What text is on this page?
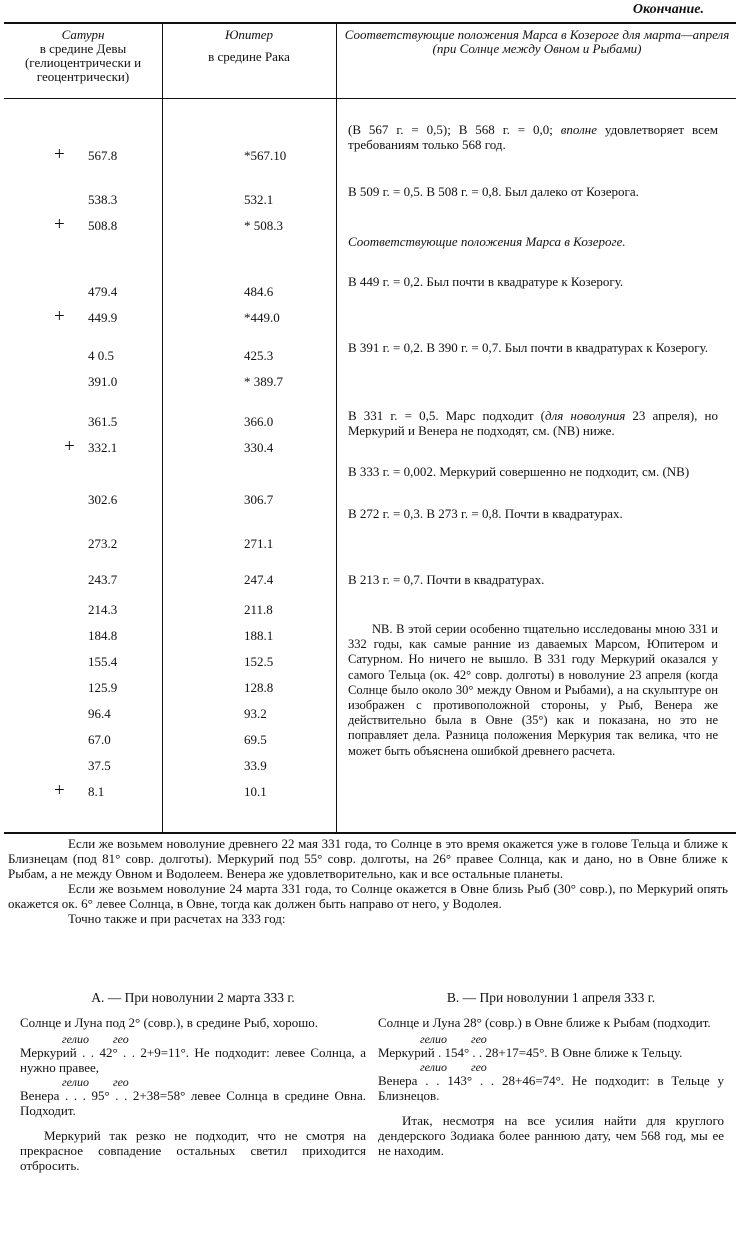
Окончание.
Сатурн
в средине Девы (гелиоцентрически и геоцентрически)
Юпитер
в средине Рака
Соответствующие положения Марса в Козероге для марта—апреля (при Солнце между Овном и Рыбами)
+ 567.8	*567.10
538.3	532.1
+ 508.8	* 508.3
479.4	484.6
+ 449.9	*449.0
4 0.5	425.3
391.0	* 389.7
361.5	366.0
+ 332.1	330.4
302.6	306.7
273.2	271.1
243.7	247.4
214.3	211.8
184.8	188.1
155.4	152.5
125.9	128.8
96.4	93.2
67.0	69.5
37.5	33.9
+ 8.1	10.1
(В 567 г. = 0,5); В 568 г. = 0,0; вполне удовлетворяет всем требованиям только 568 год.
В 509 г. = 0,5. В 508 г. = 0,8. Был далеко от Козерога.
Соответствующие положения Марса в Козероге.
В 449 г. = 0,2. Был почти в квадратуре к Козерогу.
В 391 г. = 0,2. В 390 г. = 0,7. Был почти в квадратурах к Козерогу.
В 331 г. = 0,5. Марс подходит (для новолуния 23 апреля), но Меркурий и Венера не подходят, см. (NB) ниже.
В 333 г. = 0,002. Меркурий совершенно не подходит, см. (NB)
В 272 г. = 0,3. В 273 г. = 0,8. Почти в квадратурах.
В 213 г. = 0,7. Почти в квадратурах.
NB. В этой серии особенно тщательно исследованы мною 331 и 332 годы, как самые ранние из даваемых Марсом, Юпитером и Сатурном. Но ничего не вышло. В 331 году Меркурий оказался у самого Тельца (ок. 42° совр. долготы) в новолуние 23 апреля (когда Солнце было около 30° между Овном и Рыбами), а на скульптуре он изображен с противоположной стороны, у Рыб, Венера же действительно была в Овне (35°) как и показана, но это не поправляет дела. Разница положения Меркурия так велика, что не может быть объяснена ошибкой древнего расчета.

Если же возьмем новолуние древнего 22 мая 331 года, то Солнце в это время окажется уже в голове Тельца и ближе к Близнецам (под 81° совр. долготы). Меркурий под 55° совр. долготы, на 26° правее Солнца, как и дано, но в Овне ближе к Рыбам, а не между Овном и Водолеем. Венера же удовлетворительно, как и все остальные планеты.

Если же возьмем новолуние 24 марта 331 года, то Солнце окажется в Овне близь Рыб (30° совр.), по Меркурий опять окажется ок. 6° левее Солнца, в Овне, тогда как должен быть направо от него, у Водолея.

Точно также и при расчетах на 333 год:

А. — При новолунии 2 марта 333 г.

Солнце и Луна под 2° (совр.), в средине Рыб, хорошо.

гелио        гео

Меркурий . . 42° . . 2+9=11°. Не подходит: левее Солнца, а нужно правее,

гелио        гео

Венера . . . 95° . . 2+38=58° левее Солнца в средине Овна. Подходит.

Меркурий так резко не подходит, что не смотря на прекрасное совпадение остальных светил приходится отбросить.

В. — При новолунии 1 апреля 333 г.

Солнце и Луна 28° (совр.) в Овне ближе к Рыбам (подходит.

гелио        гео

Меркурий . 154° . . 28+17=45°. В Овне ближе к Тельцу.

гелио        гео

Венера . . 143° . . 28+46=74°. Не подходит: в Тельце у Близнецов.

Итак, несмотря на все усилия найти для круглого дендерского Зодиака более раннюю дату, чем 568 год, мы ее не находим.
